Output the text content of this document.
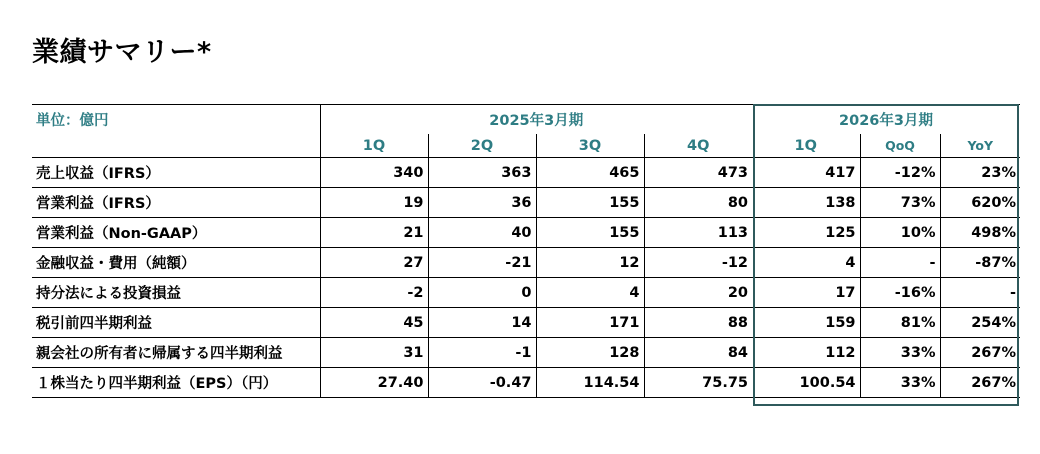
業績サマリー*
単位：億円	2025年3月期				2026年3月期		
	1Q	2Q	3Q	4Q	1Q	QoQ	YoY
売上収益（IFRS）	340	363	465	473	417	-12%	23%
営業利益（IFRS）	19	36	155	80	138	73%	620%
営業利益（Non-GAAP）	21	40	155	113	125	10%	498%
金融収益・費用（純額）	27	-21	12	-12	4	-	-87%
持分法による投資損益	-2	0	4	20	17	-16%	-
税引前四半期利益	45	14	171	88	159	81%	254%
親会社の所有者に帰属する四半期利益	31	-1	128	84	112	33%	267%
１株当たり四半期利益（EPS）（円）	27.40	-0.47	114.54	75.75	100.54	33%	267%
